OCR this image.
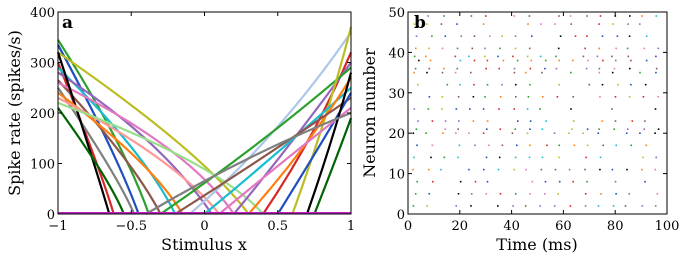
−1	−0.5	0	0.5	1
0
100
200
300
400 a
Stimulus x
Spike rate (spikes/s)
0	20	40	60	80 100
0
10
20
30
40
50 b
Time (ms)
Neuron number
